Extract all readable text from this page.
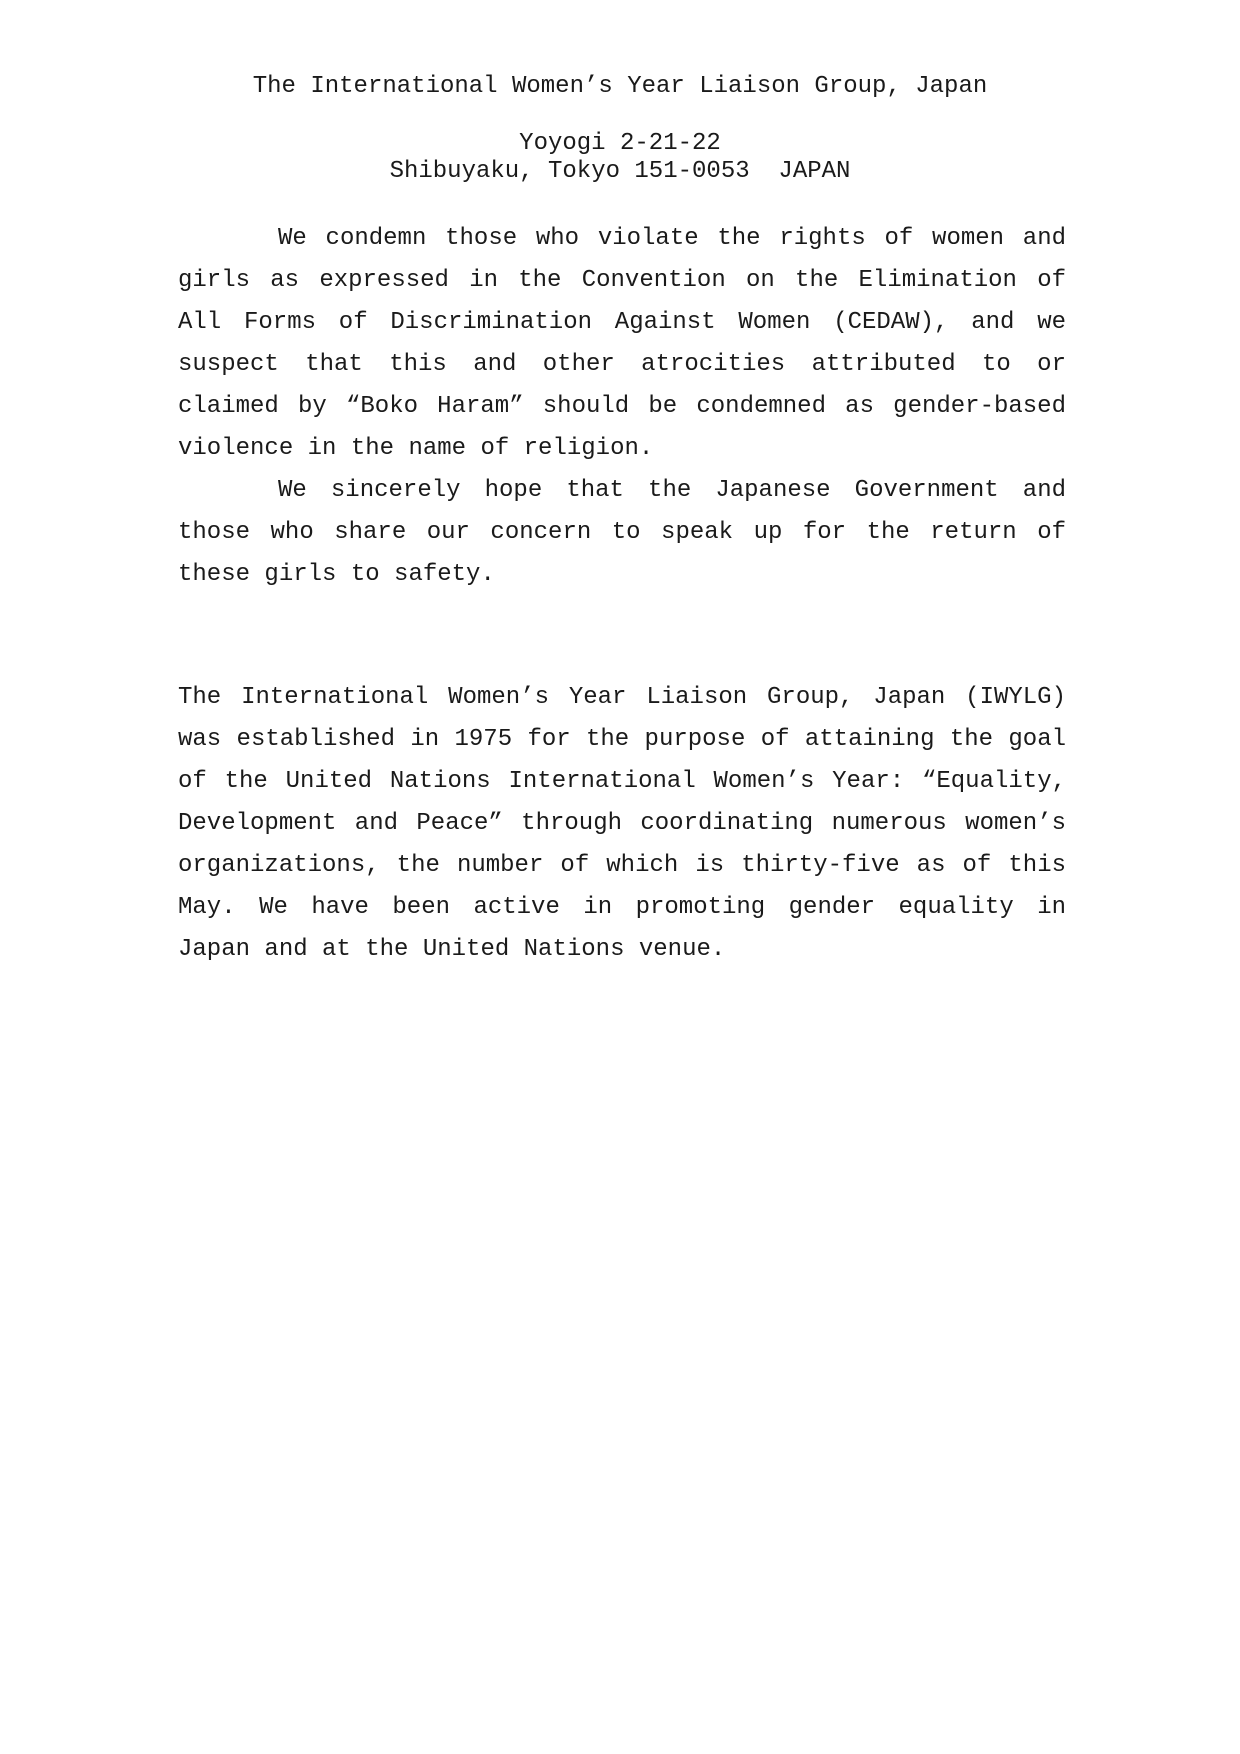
The International Women’s Year Liaison Group, Japan
Yoyogi 2-21-22
Shibuyaku, Tokyo 151-0053  JAPAN

We condemn those who violate the rights of women and girls as expressed in the Convention on the Elimination of All Forms of Discrimination Against Women (CEDAW), and we suspect that this and other atrocities attributed to or claimed by “Boko Haram” should be condemned as gender-based violence in the name of religion.

We sincerely hope that the Japanese Government and those who share our concern to speak up for the return of these girls to safety.

The International Women’s Year Liaison Group, Japan (IWYLG) was established in 1975 for the purpose of attaining the goal of the United Nations International Women’s Year: “Equality, Development and Peace” through coordinating numerous women’s organizations, the number of which is thirty-five as of this May. We have been active in promoting gender equality in Japan and at the United Nations venue.
